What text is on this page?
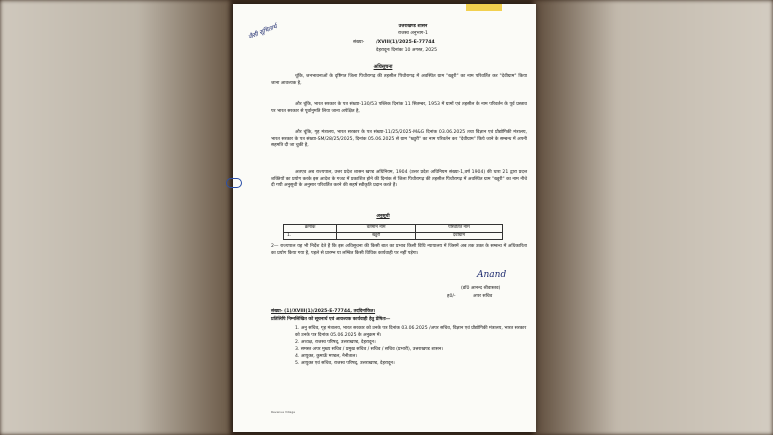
उत्तराखण्ड शासन
राजस्व अनुभाग-1
संख्या-	/XVIII(1)/2025-E-77744
देहरादूनः दिनांकः 10 अगस्त, 2025
जैसी सूचितार्थ
अधिसूचना
चूंकि, जनभावनाओं के दृष्टिगत जिला पिथौरागढ़ की तहसील पिथौरागढ़ में अवस्थित ग्राम "ख्वुरी" का नाम परिवर्तित कर "देवीग्राम" किया जाना आवश्यक है,
और चूंकि, भारत सरकार के पत्र संख्या-130/53 पब्लिक दिनांक 11 सितम्बर, 1953 में ग्रामों एवं तहसील के नाम परिवर्तन के पूर्व प्रस्ताव पर भारत सरकार से पूर्वानुमति लिया जाना अपेक्षित है,
और चूंकि, गृह मंत्रालय, भारत सरकार के पत्र संख्या-11/25/2025-M&G दिनांक 03.06.2025 तथा विज्ञान एवं प्रौद्योगिकी मंत्रालय, भारत सरकार के पत्र संख्या-SM/28/25/2025, दिनांक 05.06.2025 से ग्राम "ख्वुरी" का नाम परिवर्तन कर "देवीग्राम" किये जाने के सम्बन्ध में अपनी सहमति दी जा चुकी है,
अतएव अब राज्यपाल, उत्तर प्रदेश शासन खण्ड अधिनियम, 1904 (उत्तर प्रदेश अधिनियम संख्या-1,वर्ष 1904) की धारा 21 द्वारा प्रदत्त शक्तियों का प्रयोग करके इस आदेश के गजट में प्रकाशित होने की दिनांक से जिला पिथौरागढ़ की तहसील पिथौरागढ़ में अवस्थित ग्राम "ख्वुरी" का नाम नीचे दी गयी अनुसूची के अनुसार परिवर्तित करने की सहर्ष स्वीकृति प्रदान करते हैं।
अनुसूची
क्रमांक	वर्तमान नाम	परिवर्तित नाम
1.	ख्वुरी	देवीग्राम
2— राज्यपाल यह भी निर्देश देते हैं कि इस अधिसूचना की किसी बात का प्रभाव किसी विधि न्यायालय में जिसमें अब तक उक्त के सम्बन्ध में अधिकारिता का प्रयोग किया गया है, पहले से प्रारम्भ या लम्बित किसी विधिक कार्यवाही पर नहीं पड़ेगा।
Anand
(डॉ0 आनन्द श्रीवास्तव)
ह0/-	अपर सचिव
संख्या- (1)/XVIII(1)/2025-E-77744, तददिनांकित।
प्रतिलिपि निम्नलिखित को सूचनार्थ एवं आवश्यक कार्यवाही हेतु प्रेषितः—
1. अनु सचिव, गृह मंत्रालय, भारत सरकार को उनके पत्र दिनांक 03.06.2025 /अपर सचिव, विज्ञान एवं प्रौद्योगिकी मंत्रालय, भारत सरकार को उनके पत्र दिनांक 05.06.2025 के अनुक्रम में।
2. अध्यक्ष, राजस्व परिषद्, उत्तराखण्ड, देहरादून।
3. समस्त अपर मुख्य सचिव / प्रमुख सचिव / सचिव / सचिव (प्रभारी), उत्तराखण्ड शासन।
4. आयुक्त, कुमाऊँ मण्डल, नैनीताल।
5. आयुक्त एवं सचिव, राजस्व परिषद्, उत्तराखण्ड, देहरादून।
Revenue Village
